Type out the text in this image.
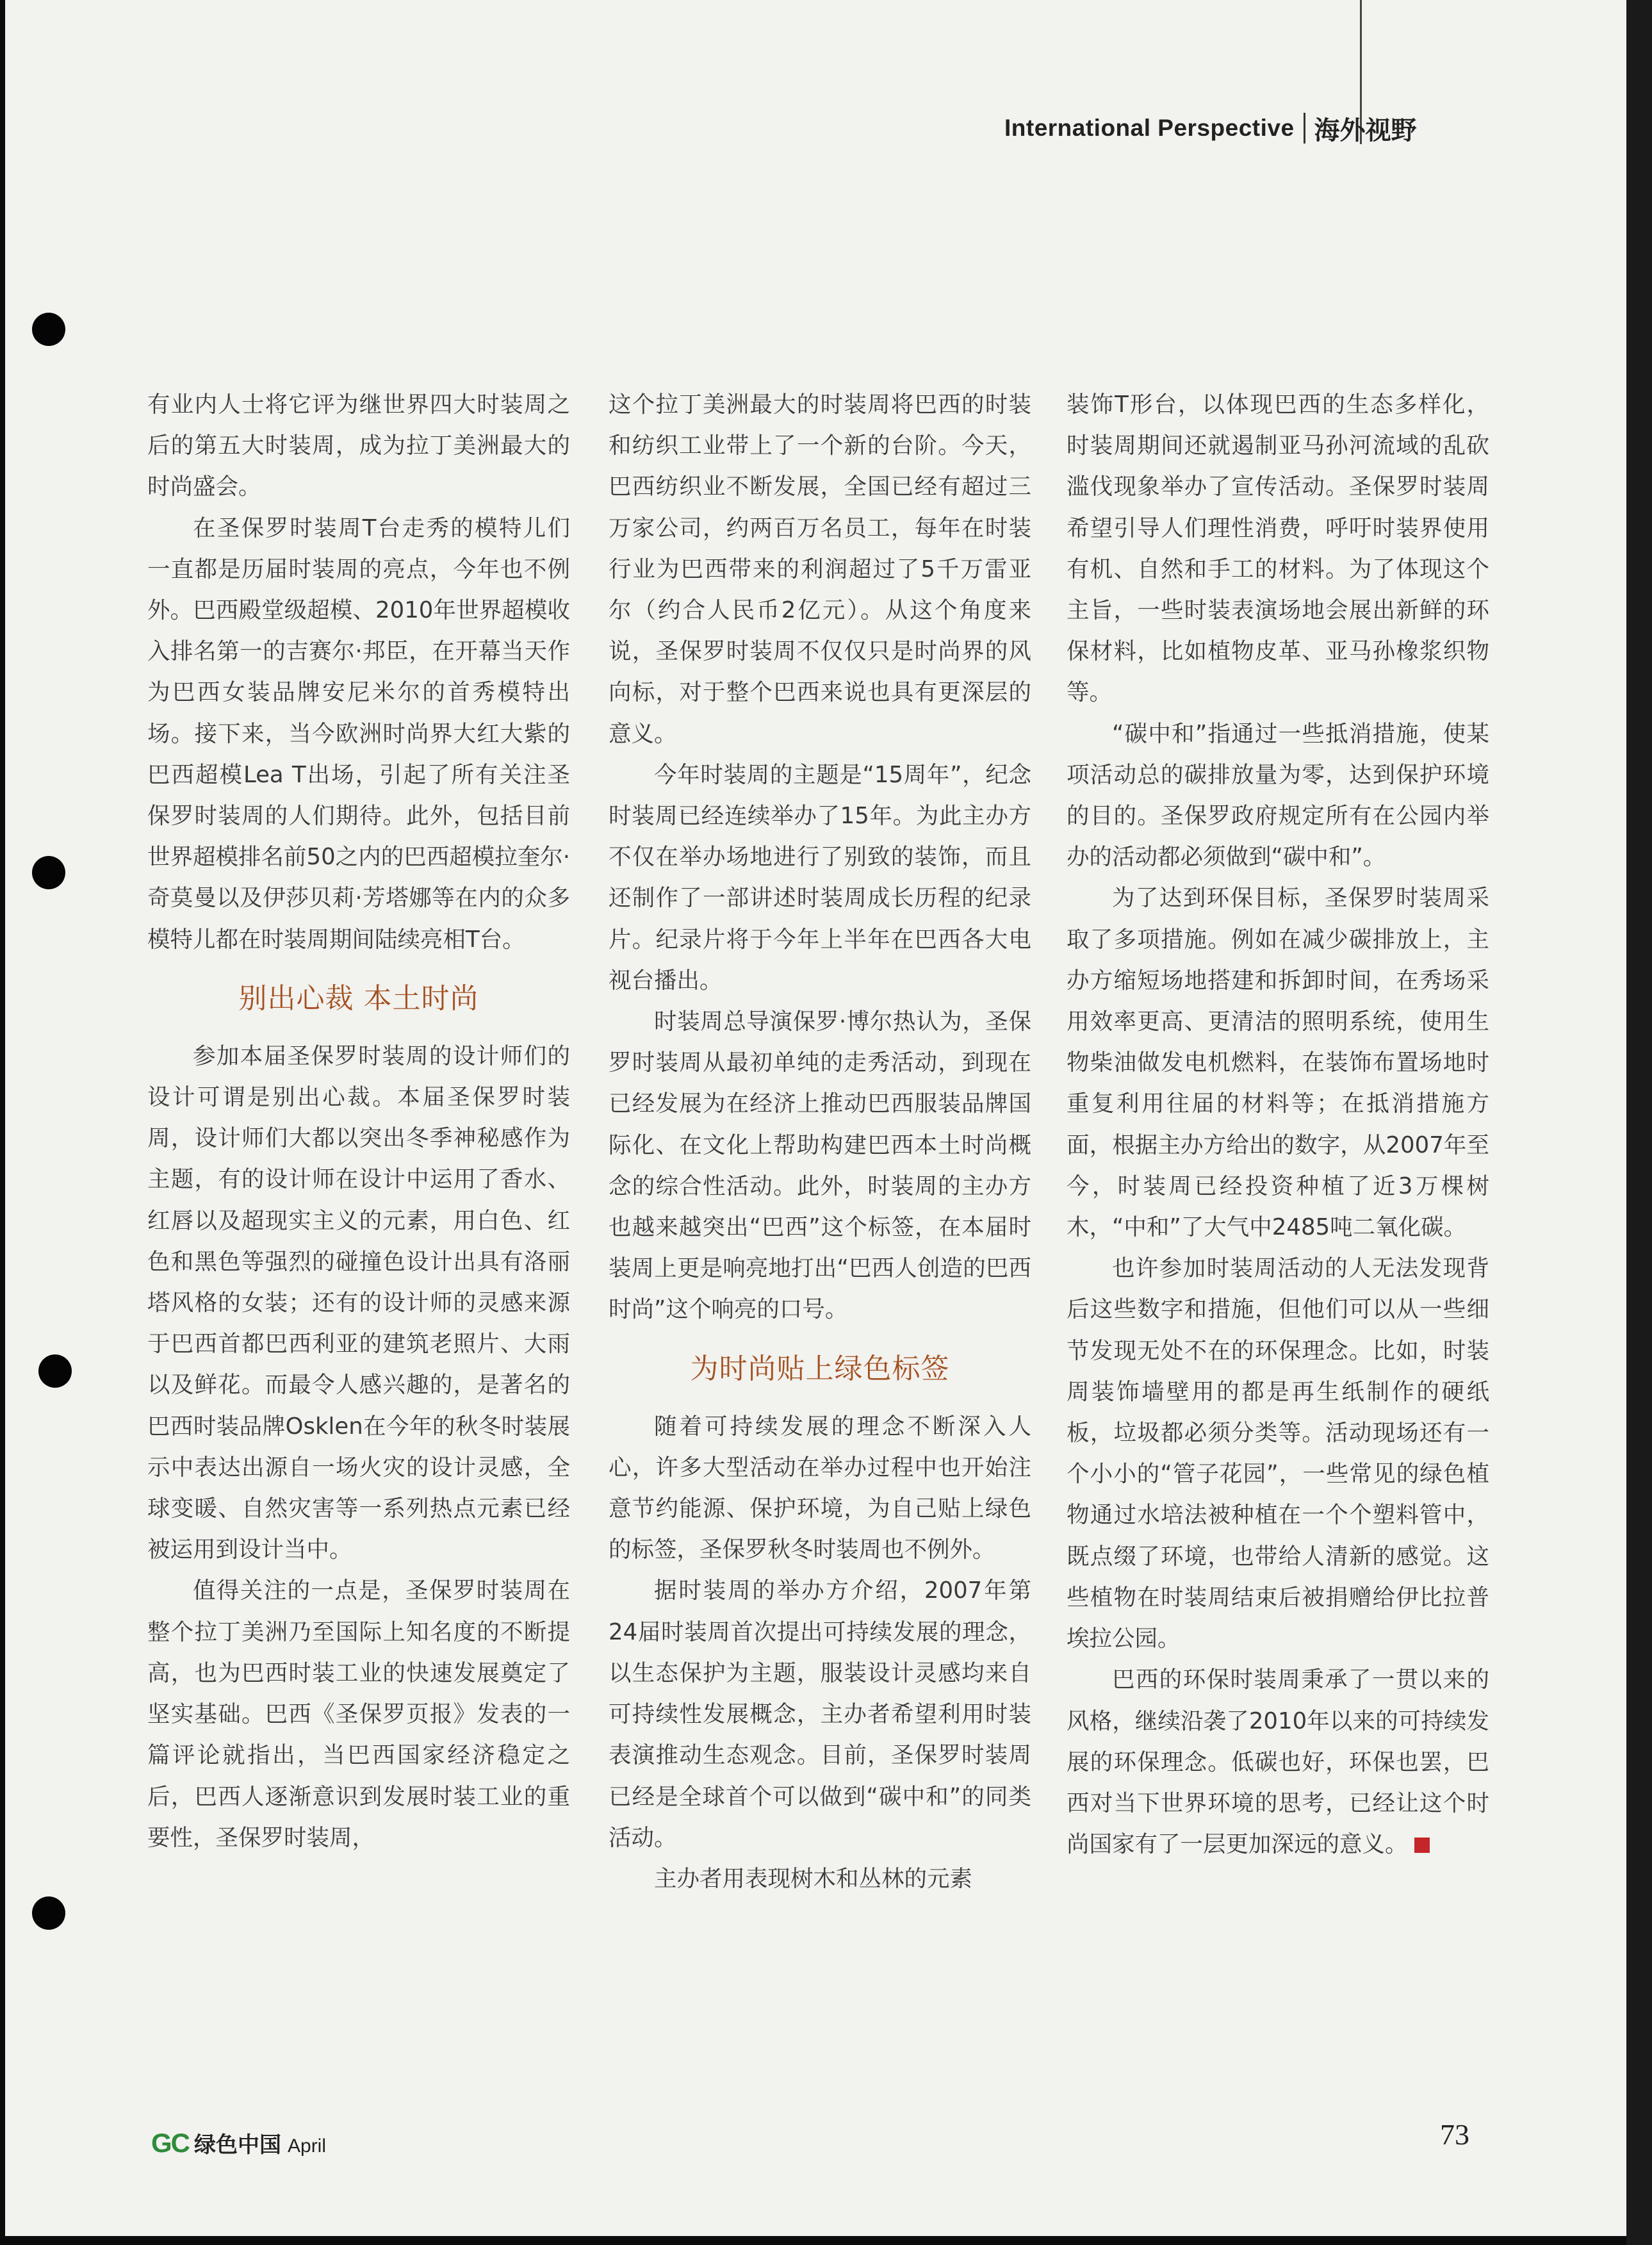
International Perspective 海外视野

有业内人士将它评为继世界四大时装周之后的第五大时装周，成为拉丁美洲最大的时尚盛会。

在圣保罗时装周T台走秀的模特儿们一直都是历届时装周的亮点，今年也不例外。巴西殿堂级超模、2010年世界超模收入排名第一的吉赛尔·邦臣，在开幕当天作为巴西女装品牌安尼米尔的首秀模特出场。接下来，当今欧洲时尚界大红大紫的巴西超模Lea T出场，引起了所有关注圣保罗时装周的人们期待。此外，包括目前世界超模排名前50之内的巴西超模拉奎尔·奇莫曼以及伊莎贝莉·芳塔娜等在内的众多模特儿都在时装周期间陆续亮相T台。

别出心裁 本土时尚

参加本届圣保罗时装周的设计师们的设计可谓是别出心裁。本届圣保罗时装周，设计师们大都以突出冬季神秘感作为主题，有的设计师在设计中运用了香水、红唇以及超现实主义的元素，用白色、红色和黑色等强烈的碰撞色设计出具有洛丽塔风格的女装；还有的设计师的灵感来源于巴西首都巴西利亚的建筑老照片、大雨以及鲜花。而最令人感兴趣的，是著名的巴西时装品牌Osklen在今年的秋冬时装展示中表达出源自一场火灾的设计灵感，全球变暖、自然灾害等一系列热点元素已经被运用到设计当中。

值得关注的一点是，圣保罗时装周在整个拉丁美洲乃至国际上知名度的不断提高，也为巴西时装工业的快速发展奠定了坚实基础。巴西《圣保罗页报》发表的一篇评论就指出，当巴西国家经济稳定之后，巴西人逐渐意识到发展时装工业的重要性，圣保罗时装周，

这个拉丁美洲最大的时装周将巴西的时装和纺织工业带上了一个新的台阶。今天，巴西纺织业不断发展，全国已经有超过三万家公司，约两百万名员工，每年在时装行业为巴西带来的利润超过了5千万雷亚尔（约合人民币2亿元）。从这个角度来说，圣保罗时装周不仅仅只是时尚界的风向标，对于整个巴西来说也具有更深层的意义。

今年时装周的主题是“15周年”，纪念时装周已经连续举办了15年。为此主办方不仅在举办场地进行了别致的装饰，而且还制作了一部讲述时装周成长历程的纪录片。纪录片将于今年上半年在巴西各大电视台播出。

时装周总导演保罗·博尔热认为，圣保罗时装周从最初单纯的走秀活动，到现在已经发展为在经济上推动巴西服装品牌国际化、在文化上帮助构建巴西本土时尚概念的综合性活动。此外，时装周的主办方也越来越突出“巴西”这个标签，在本届时装周上更是响亮地打出“巴西人创造的巴西时尚”这个响亮的口号。

为时尚贴上绿色标签

随着可持续发展的理念不断深入人心，许多大型活动在举办过程中也开始注意节约能源、保护环境，为自己贴上绿色的标签，圣保罗秋冬时装周也不例外。

据时装周的举办方介绍，2007年第24届时装周首次提出可持续发展的理念，以生态保护为主题，服装设计灵感均来自可持续性发展概念，主办者希望利用时装表演推动生态观念。目前，圣保罗时装周已经是全球首个可以做到“碳中和”的同类活动。

主办者用表现树木和丛林的元素

装饰T形台，以体现巴西的生态多样化，时装周期间还就遏制亚马孙河流域的乱砍滥伐现象举办了宣传活动。圣保罗时装周希望引导人们理性消费，呼吁时装界使用有机、自然和手工的材料。为了体现这个主旨，一些时装表演场地会展出新鲜的环保材料，比如植物皮革、亚马孙橡浆织物等。

“碳中和”指通过一些抵消措施，使某项活动总的碳排放量为零，达到保护环境的目的。圣保罗政府规定所有在公园内举办的活动都必须做到“碳中和”。

为了达到环保目标，圣保罗时装周采取了多项措施。例如在减少碳排放上，主办方缩短场地搭建和拆卸时间，在秀场采用效率更高、更清洁的照明系统，使用生物柴油做发电机燃料，在装饰布置场地时重复利用往届的材料等；在抵消措施方面，根据主办方给出的数字，从2007年至今，时装周已经投资种植了近3万棵树木，“中和”了大气中2485吨二氧化碳。

也许参加时装周活动的人无法发现背后这些数字和措施，但他们可以从一些细节发现无处不在的环保理念。比如，时装周装饰墙壁用的都是再生纸制作的硬纸板，垃圾都必须分类等。活动现场还有一个小小的“管子花园”，一些常见的绿色植物通过水培法被种植在一个个塑料管中，既点缀了环境，也带给人清新的感觉。这些植物在时装周结束后被捐赠给伊比拉普埃拉公园。

巴西的环保时装周秉承了一贯以来的风格，继续沿袭了2010年以来的可持续发展的环保理念。低碳也好，环保也罢，巴西对当下世界环境的思考，已经让这个时尚国家有了一层更加深远的意义。

GC 绿色中国 April	73
